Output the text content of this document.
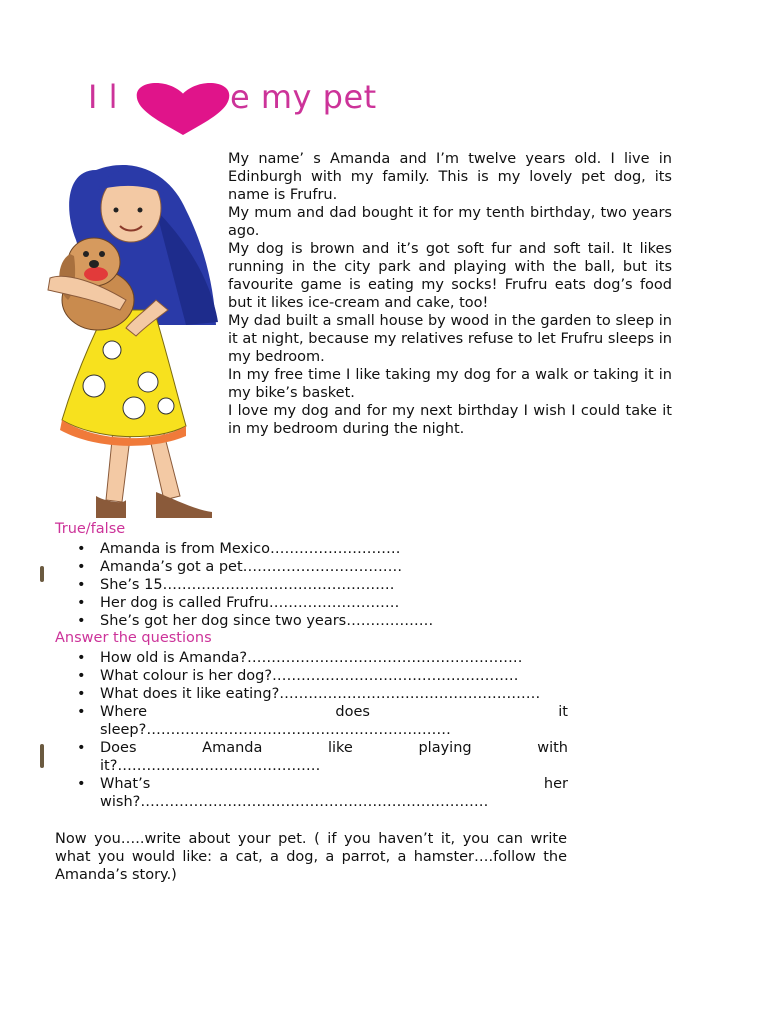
I l	e my pet

My name’ s Amanda and I’m twelve years old. I live in Edinburgh with my family. This is my lovely pet dog, its name is Frufru.

My mum and dad bought it for my tenth birthday, two years ago.

My dog is brown and it’s got soft fur and soft tail. It likes running in the city park and playing with the ball, but its favourite game is eating my socks! Frufru eats dog’s food but it likes ice-cream and cake, too!

My dad built a small house by wood in the garden to sleep in it at night, because my relatives refuse to let Frufru sleeps in my bedroom.

In my free time I like taking my dog for a walk or taking it in my bike’s basket.

I love my dog and for my next birthday I wish I could take it in my bedroom during the night.

True/false
• Amanda is from Mexico………………………
• Amanda’s got a pet……………………………
• She’s 15…………………………………………
• Her dog is called Frufru………………………
• She’s got her dog since two years………………
Answer the questions
• How old is Amanda?…………………………………………………
• What colour is her dog?……………………………………………
• What does it like eating?………………………………………………
• Where does it
sleep?………………………………………………………
• Does Amanda like playing with
it?……………………………………
• What’s her
wish?………………………………………………………………
Now you…..write about your pet. ( if you haven’t it, you can write what you would like: a cat, a dog, a parrot, a hamster….follow the Amanda’s story.)
